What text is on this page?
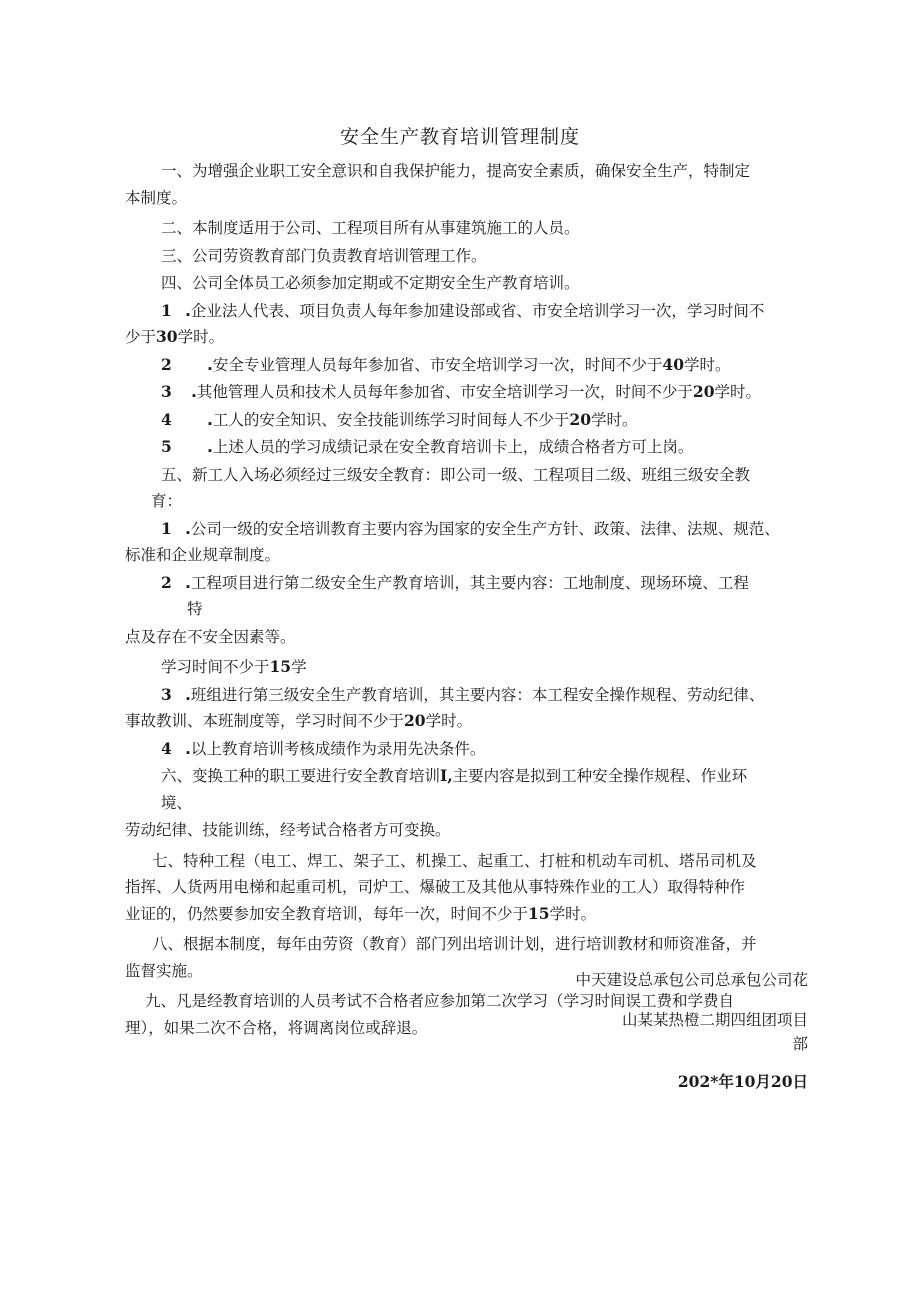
安全生产教育培训管理制度

一、为增强企业职工安全意识和自我保护能力，提高安全素质，确保安全生产，特制定

本制度。

二、本制度适用于公司、工程项目所有从事建筑施工的人员。

三、公司劳资教育部门负责教育培训管理工作。

四、公司全体员工必须参加定期或不定期安全生产教育培训。

1 . 企业法人代表、项目负责人每年参加建设部或省、市安全培训学习一次，学习时间不

少于30学时。

2	. 安全专业管理人员每年参加省、市安全培训学习一次，时间不少于 40 学时。
3	. 其他管理人员和技术人员每年参加省、市安全培训学习一次，时间不少于 20 学时。
4	. 工人的安全知识、安全技能训练学习时间每人不少于 20 学时。
5	. 上述人员的学习成绩记录在安全教育培训卡上，成绩合格者方可上岗。

五、新工人入场必须经过三级安全教育：即公司一级、工程项目二级、班组三级安全教

育：

1 . 公司一级的安全培训教育主要内容为国家的安全生产方针、政策、法律、法规、规范、

标准和企业规章制度。

2 . 工程项目进行第二级安全生产教育培训，其主要内容：工地制度、现场环境、工程

特

点及存在不安全因素等。

学习时间不少于15学

3 . 班组进行第三级安全生产教育培训，其主要内容：本工程安全操作规程、劳动纪律、

事故教训、本班制度等，学习时间不少于20学时。

4 . 以上教育培训考核成绩作为录用先决条件。

六、变换工种的职工要进行安全教育培训I,主要内容是拟到工种安全操作规程、作业环

境、

劳动纪律、技能训练，经考试合格者方可变换。

七、特种工程（电工、焊工、架子工、机操工、起重工、打桩和机动车司机、塔吊司机及

指挥、人货两用电梯和起重司机，司炉工、爆破工及其他从事特殊作业的工人）取得特种作

业证的，仍然要参加安全教育培训，每年一次，时间不少于15学时。

八、根据本制度，每年由劳资（教育）部门列出培训计划，进行培训教材和师资准备，并

监督实施。

九、凡是经教育培训的人员考试不合格者应参加第二次学习（学习时间误工费和学费自

理），如果二次不合格，将调离岗位或辞退。

中天建设总承包公司总承包公司花
山某某热橙二期四组团项目
部
202*年10月20日
